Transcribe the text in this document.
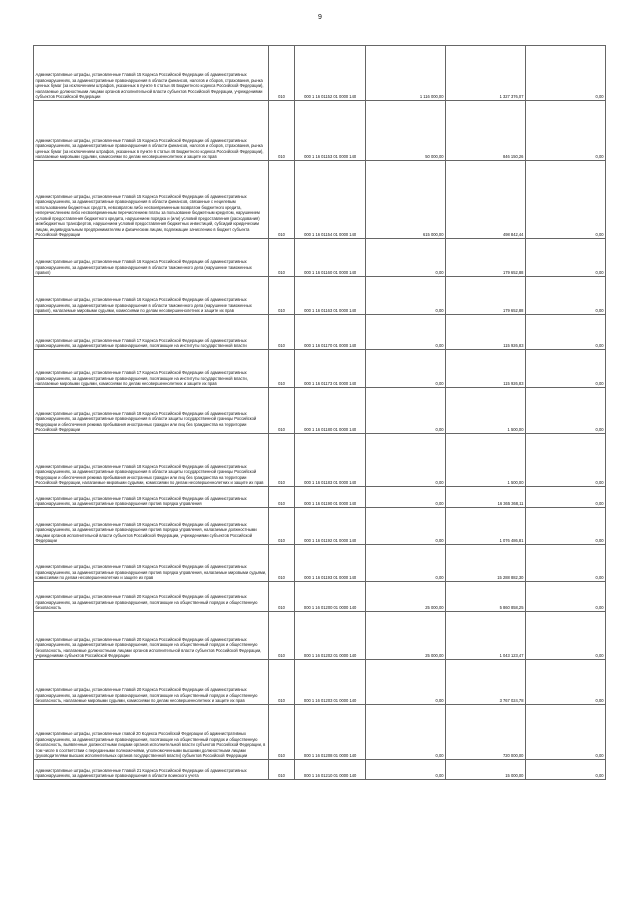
9
Административные штрафы, установленные Главой 15 Кодекса Российской Федерации об административных правонарушениях, за административные правонарушения в области финансов, налогов и сборов, страхования, рынка ценных бумаг (за исключением штрафов, указанных в пункте 6 статьи 46 Бюджетного кодекса Российской Федерации), налагаемые должностными лицами органов исполнительной власти субъектов Российской Федерации, учреждениями субъектов Российской Федерации	010	000 1 16 01152 01 0000 140	1 116 000,00	1 327 376,07	0,00

Административные штрафы, установленные Главой 15 Кодекса Российской Федерации об административных правонарушениях, за административные правонарушения в области финансов, налогов и сборов, страхования, рынка ценных бумаг (за исключением штрафов, указанных в пункте 6 статьи 46 Бюджетного кодекса Российской Федерации), налагаемые мировыми судьями, комиссиями по делам несовершеннолетних и защите их прав	010	000 1 16 01153 01 0000 140	50 000,00	846 150,26	0,00

Административные штрафы, установленные Главой 15 Кодекса Российской Федерации об административных правонарушениях, за административные правонарушения в области финансов, связанные с нецелевым использованием бюджетных средств, невозвратом либо несвоевременным возвратом бюджетного кредита, неперечислением либо несвоевременным перечислением платы за пользование бюджетным кредитом, нарушением условий предоставления бюджетного кредита, нарушением порядка и (или) условий предоставления (расходования) межбюджетных трансфертов, нарушением условий предоставления бюджетных инвестиций, субсидий юридическим лицам, индивидуальным предпринимателям и физическим лицам, подлежащие зачислению в бюджет субъекта Российской Федерации	010	000 1 16 01154 01 0000 140	615 000,00	498 842,44	0,00

Административные штрафы, установленные Главой 16 Кодекса Российской Федерации об административных правонарушениях, за административные правонарушения в области таможенного дела (нарушение таможенных правил)	010	000 1 16 01160 01 0000 140	0,00	179 652,88	0,00

Административные штрафы, установленные Главой 16 Кодекса Российской Федерации об административных правонарушениях, за административные правонарушения в области таможенного дела (нарушение таможенных правил), налагаемые мировыми судьями, комиссиями по делам несовершеннолетних и защите их прав	010	000 1 16 01163 01 0000 140	0,00	179 652,88	0,00

Административные штрафы, установленные Главой 17 Кодекса Российской Федерации об административных правонарушениях, за административные правонарушения, посягающие на институты государственной власти	010	000 1 16 01170 01 0000 140	0,00	115 926,83	0,00

Административные штрафы, установленные Главой 17 Кодекса Российской Федерации об административных правонарушениях, за административные правонарушения, посягающие на институты государственной власти, налагаемые мировыми судьями, комиссиями по делам несовершеннолетних и защите их прав	010	000 1 16 01173 01 0000 140	0,00	115 926,83	0,00

Административные штрафы, установленные Главой 18 Кодекса Российской Федерации об административных правонарушениях, за административные правонарушения в области защиты государственной границы Российской Федерации и обеспечения режима пребывания иностранных граждан или лиц без гражданства на территории Российской Федерации	010	000 1 16 01180 01 0000 140	0,00	1 500,00	0,00

Административные штрафы, установленные Главой 18 Кодекса Российской Федерации об административных правонарушениях, за административные правонарушения в области защиты государственной границы Российской Федерации и обеспечения режима пребывания иностранных граждан или лиц без гражданства на территории Российской Федерации, налагаемые мировыми судьями, комиссиями по делам несовершеннолетних и защите их прав	010	000 1 16 01183 01 0000 140	0,00	1 500,00	0,00

Административные штрафы, установленные Главой 19 Кодекса Российской Федерации об административных правонарушениях, за административные правонарушения против порядка управления	010	000 1 16 01190 01 0000 140	0,00	16 365 368,11	0,00

Административные штрафы, установленные Главой 19 Кодекса Российской Федерации об административных правонарушениях, за административные правонарушения против порядка управления, налагаемые должностными лицами органов исполнительной власти субъектов Российской Федерации, учреждениями субъектов Российской Федерации	010	000 1 16 01192 01 0000 140	0,00	1 076 486,81	0,00

Административные штрафы, установленные Главой 19 Кодекса Российской Федерации об административных правонарушениях, за административные правонарушения против порядка управления, налагаемые мировыми судьями, комиссиями по делам несовершеннолетних и защите их прав	010	000 1 16 01193 01 0000 140	0,00	15 288 882,30	0,00

Административные штрафы, установленные Главой 20 Кодекса Российской Федерации об административных правонарушениях, за административные правонарушения, посягающие на общественный порядок и общественную безопасность	010	000 1 16 01200 01 0000 140	25 000,00	5 860 858,25	0,00

Административные штрафы, установленные Главой 20 Кодекса Российской Федерации об административных правонарушениях, за административные правонарушения, посягающие на общественный порядок и общественную безопасность, налагаемые должностными лицами органов исполнительной власти субъектов Российской Федерации, учреждениями субъектов Российской Федерации	010	000 1 16 01202 01 0000 140	25 000,00	1 043 123,47	0,00

Административные штрафы, установленные Главой 20 Кодекса Российской Федерации об административных правонарушениях, за административные правонарушения, посягающие на общественный порядок и общественную безопасность, налагаемые мировыми судьями, комиссиями по делам несовершеннолетних и защите их прав	010	000 1 16 01203 01 0000 140	0,00	3 767 024,78	0,00

Административные штрафы, установленные главой 20 Кодекса Российской Федерации об административных правонарушениях, за административные правонарушения, посягающие на общественный порядок и общественную безопасность, выявленные должностными лицами органов исполнительной власти субъектов Российской Федерации, в том числе в соответствии с переданными полномочиями, уполномоченными высшими должностными лицами (руководителями высших исполнительных органов государственной власти) субъектов Российской Федерации	010	000 1 16 01208 01 0000 140	0,00	720 000,00	0,00

Административные штрафы, установленные Главой 21 Кодекса Российской Федерации об административных правонарушениях, за административные правонарушения в области воинского учета	010	000 1 16 01210 01 0000 140	0,00	15 000,00	0,00
